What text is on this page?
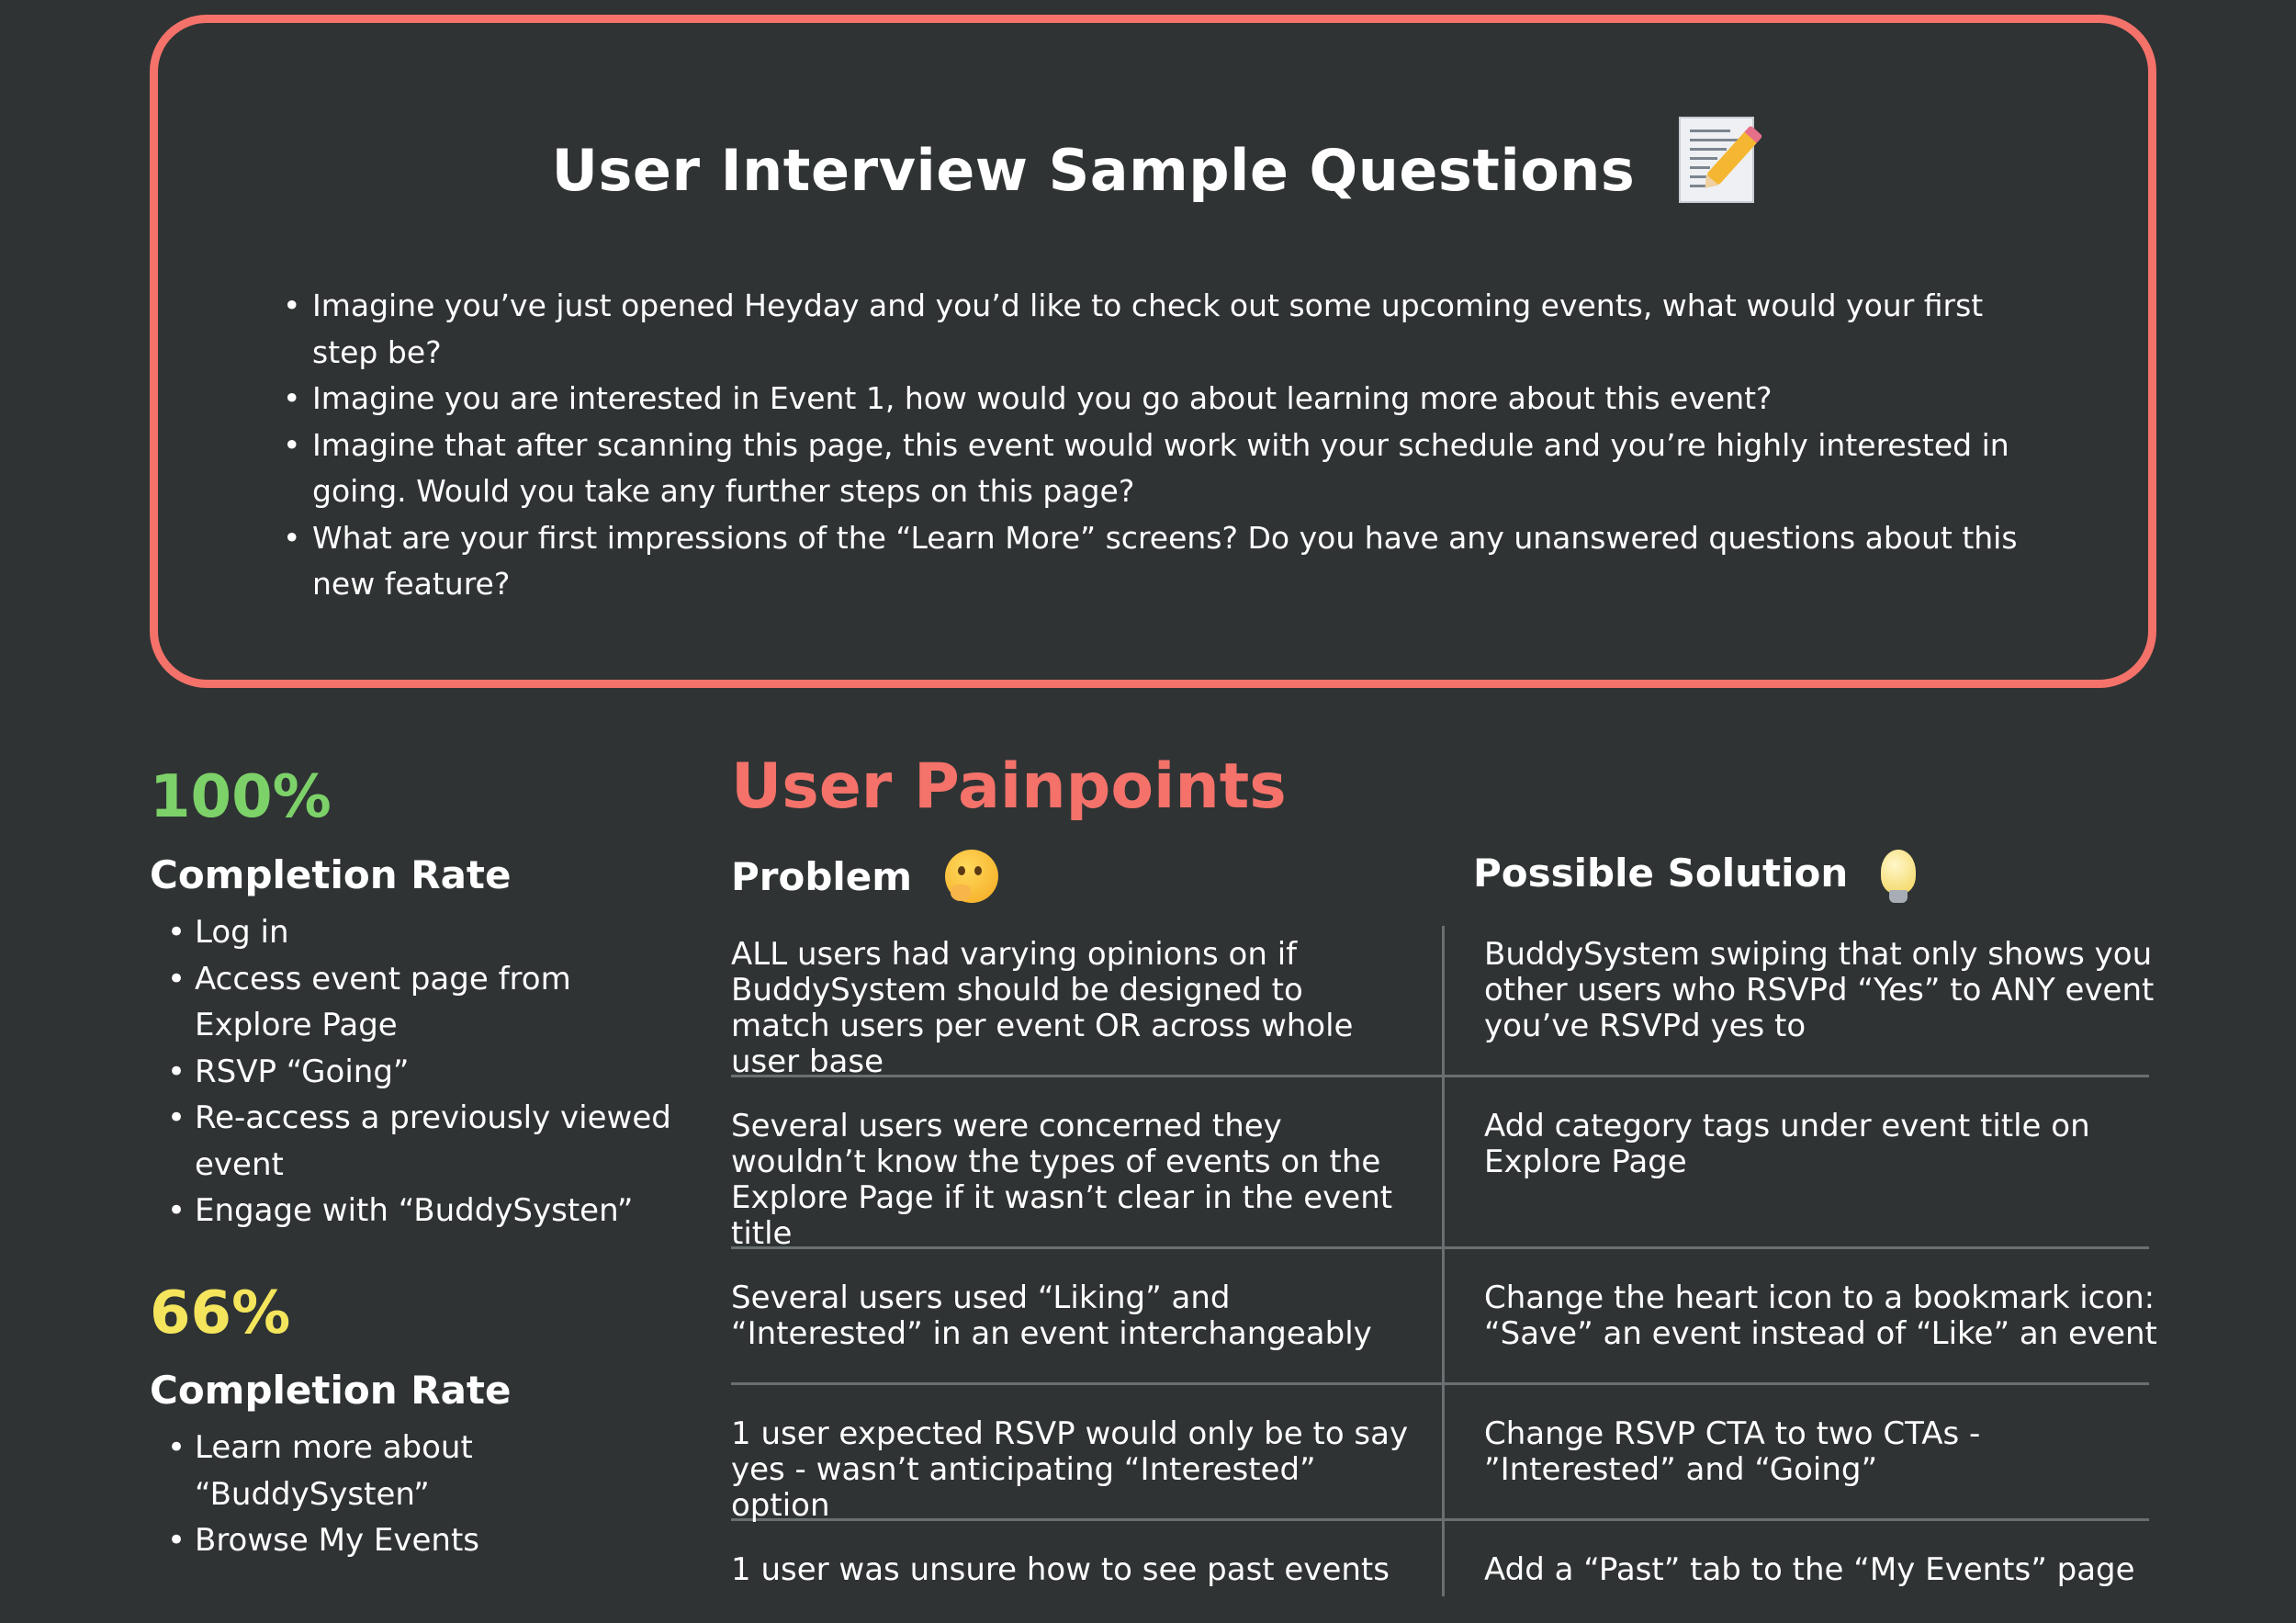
User Interview Sample Questions
• Imagine you’ve just opened Heyday and you’d like to check out some upcoming events, what would your first step be?
• Imagine you are interested in Event 1, how would you go about learning more about this event?
• Imagine that after scanning this page, this event would work with your schedule and you’re highly interested in going. Would you take any further steps on this page?
• What are your first impressions of the “Learn More” screens? Do you have any unanswered questions about this new feature?
100%
Completion Rate
• Log in
• Access event page from Explore Page
• RSVP “Going”
• Re-access a previously viewed event
• Engage with “BuddySysten”
66%
Completion Rate
• Learn more about “BuddySysten”
• Browse My Events
User Painpoints
Problem	Possible Solution
ALL users had varying opinions on if BuddySystem should be designed to match users per event OR across whole user base
BuddySystem swiping that only shows you other users who RSVPd “Yes” to ANY event you’ve RSVPd yes to
Several users were concerned they wouldn’t know the types of events on the Explore Page if it wasn’t clear in the event title
Add category tags under event title on Explore Page
Several users used “Liking” and “Interested” in an event interchangeably
Change the heart icon to a bookmark icon: “Save” an event instead of “Like” an event
1 user expected RSVP would only be to say yes - wasn’t anticipating “Interested” option
Change RSVP CTA to two CTAs - ”Interested” and “Going”
1 user was unsure how to see past events	Add a “Past” tab to the “My Events” page
